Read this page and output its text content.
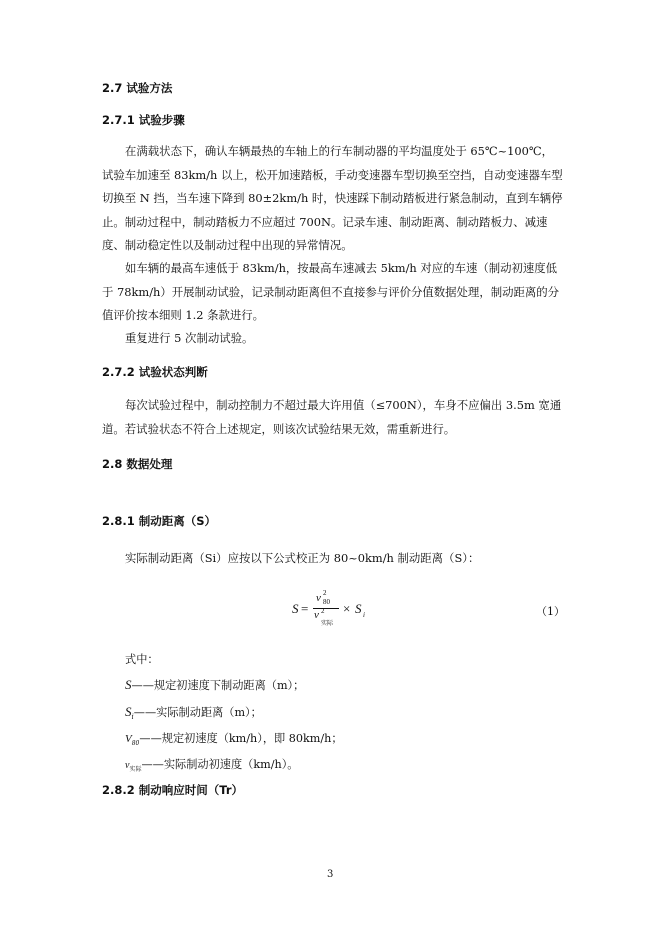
2.7 试验方法
2.7.1 试验步骤
在满载状态下，确认车辆最热的车轴上的行车制动器的平均温度处于 65℃~100℃，试验车加速至 83km/h 以上，松开加速踏板，手动变速器车型切换至空挡，自动变速器车型切换至 N 挡，当车速下降到 80±2km/h 时，快速踩下制动踏板进行紧急制动，直到车辆停止。制动过程中，制动踏板力不应超过 700N。记录车速、制动距离、制动踏板力、减速度、制动稳定性以及制动过程中出现的异常情况。
如车辆的最高车速低于 83km/h，按最高车速减去 5km/h 对应的车速（制动初速度低于 78km/h）开展制动试验，记录制动距离但不直接参与评价分值数据处理，制动距离的分值评价按本细则 1.2 条款进行。
重复进行 5 次制动试验。
2.7.2 试验状态判断
每次试验过程中，制动控制力不超过最大许用值（≤700N），车身不应偏出 3.5m 宽通道。若试验状态不符合上述规定，则该次试验结果无效，需重新进行。
2.8 数据处理
2.8.1 制动距离（S）
实际制动距离（Si）应按以下公式校正为 80~0km/h 制动距离（S）：
S =
v 2
80
v 2
实际
× S i	（1）
式中：
S——规定初速度下制动距离（m）；
$S_i——$实际制动距离（m）；
$V_{80}——$规定初速度（km/h），即 80km/h；
$v_{实际}——$实际制动初速度（km/h）。
2.8.2 制动响应时间（Tr）
3
